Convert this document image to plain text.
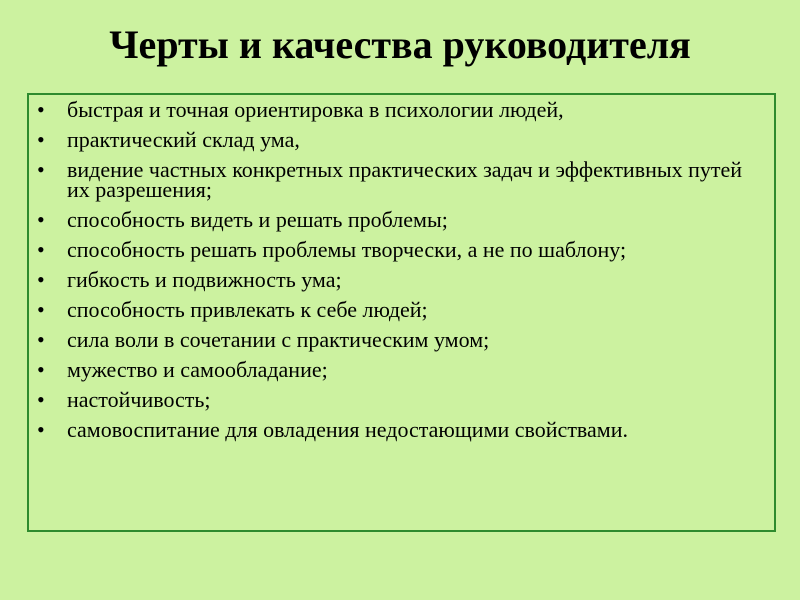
Черты и качества руководителя
• быстрая и точная ориентировка в психологии людей,
• практический склад ума,
• видение частных конкретных практических задач и эффективных путей их разрешения;
• способность видеть и решать проблемы;
• способность решать проблемы творчески, а не по шаблону;
• гибкость и подвижность ума;
• способность привлекать к себе людей;
• сила воли в сочетании с практическим умом;
• мужество и самообладание;
• настойчивость;
• самовоспитание для овладения недостающими свойствами.
